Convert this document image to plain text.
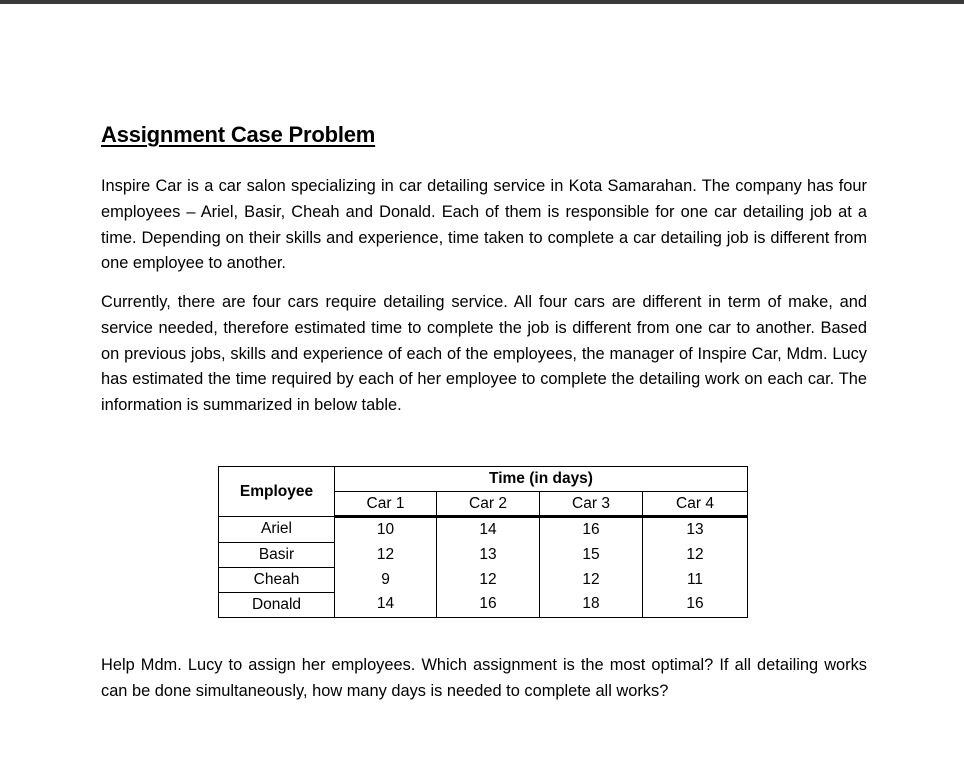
Assignment Case Problem

Inspire Car is a car salon specializing in car detailing service in Kota Samarahan. The company has four employees – Ariel, Basir, Cheah and Donald. Each of them is responsible for one car detailing job at a time. Depending on their skills and experience, time taken to complete a car detailing job is different from one employee to another.

Currently, there are four cars require detailing service. All four cars are different in term of make, and service needed, therefore estimated time to complete the job is different from one car to another. Based on previous jobs, skills and experience of each of the employees, the manager of Inspire Car, Mdm. Lucy has estimated the time required by each of her employee to complete the detailing work on each car. The information is summarized in below table.

Employee	Time (in days)			
	Car 1	Car 2	Car 3	Car 4
Ariel	10	14	16	13
Basir	12	13	15	12
Cheah	9	12	12	11
Donald	14	16	18	16

Help Mdm. Lucy to assign her employees. Which assignment is the most optimal? If all detailing works can be done simultaneously, how many days is needed to complete all works?
